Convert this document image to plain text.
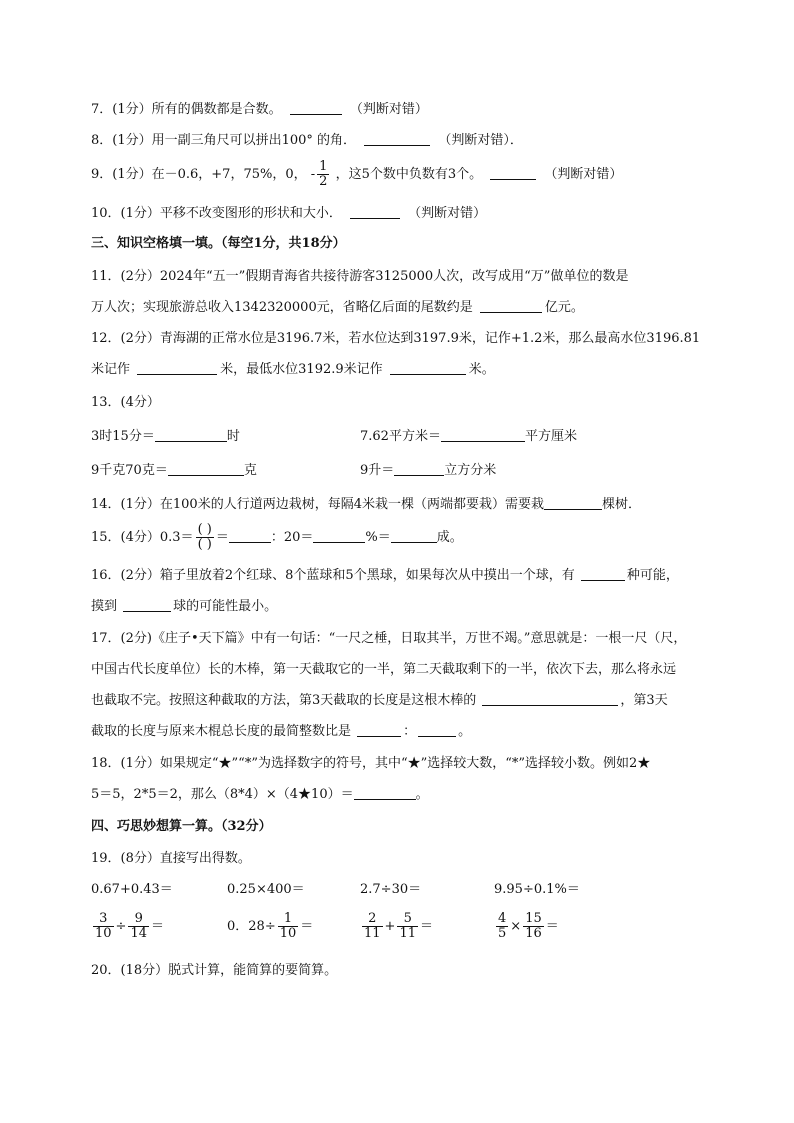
7．(1分）所有的偶数都是合数。	（判断对错）
8．(1分）用一副三角尺可以拼出100° 的角．	（判断对错）．
9．(1分）在－0.6，+7，75%，0， - $\frac{1}{2}$ ，这5个数中负数有3个。	（判断对错）
10．(1分）平移不改变图形的形状和大小．	（判断对错）
三、知识空格填一填。（每空1分，共18分）
11．(2分）2024年“五一”假期青海省共接待游客3125000人次，改写成用“万”做单位的数是
万人次；实现旅游总收入1342320000元，省略亿后面的尾数约是	亿元。
12．(2分）青海湖的正常水位是3196.7米，若水位达到3197.9米，记作+1.2米，那么最高水位3196.81
米记作	米，最低水位3192.9米记作	米。
13．(4分）
3时15分＝	时	7.62平方米＝	平方厘米
9千克70克＝	克	9升＝	立方分米
14．(1分）在100米的人行道两边栽树，每隔4米栽一棵（两端都要栽）需要栽	棵树．
15．(4分）$0.3= \frac{( )}{( )}$ ＝	：20＝	%＝	成。
16．(2分）箱子里放着2个红球、8个蓝球和5个黑球，如果每次从中摸出一个球，有	种可能，
摸到	球的可能性最小。
17．(2分)《庄子•天下篇》中有一句话：“一尺之棰，日取其半，万世不竭。”意思就是：一根一尺（尺，
中国古代长度单位）长的木棒，第一天截取它的一半，第二天截取剩下的一半，依次下去，那么将永远
也截取不完。按照这种截取的方法，第3天截取的长度是这根木棒的	，第3天
截取的长度与原来木棍总长度的最简整数比是	：	。
18．(1分）如果规定“★”“*”为选择数字的符号，其中“★”选择较大数，“*”选择较小数。例如2★
5＝5，2*5＝2，那么（8*4）×（4★10）＝	。
四、巧思妙想算一算。（32分）
19．(8分）直接写出得数。
0.67+0.43＝	0.25×400＝	2.7÷30＝	9.95÷0.1%＝
$\frac{3}{10} \div \frac{9}{14}$ ＝	0．$28\div \frac{1}{10}$ ＝	$\frac{2}{11} + \frac{5}{11}$ ＝	$\frac{4}{5} \times \frac{15}{16}$ ＝
20．(18分）脱式计算，能简算的要简算。
